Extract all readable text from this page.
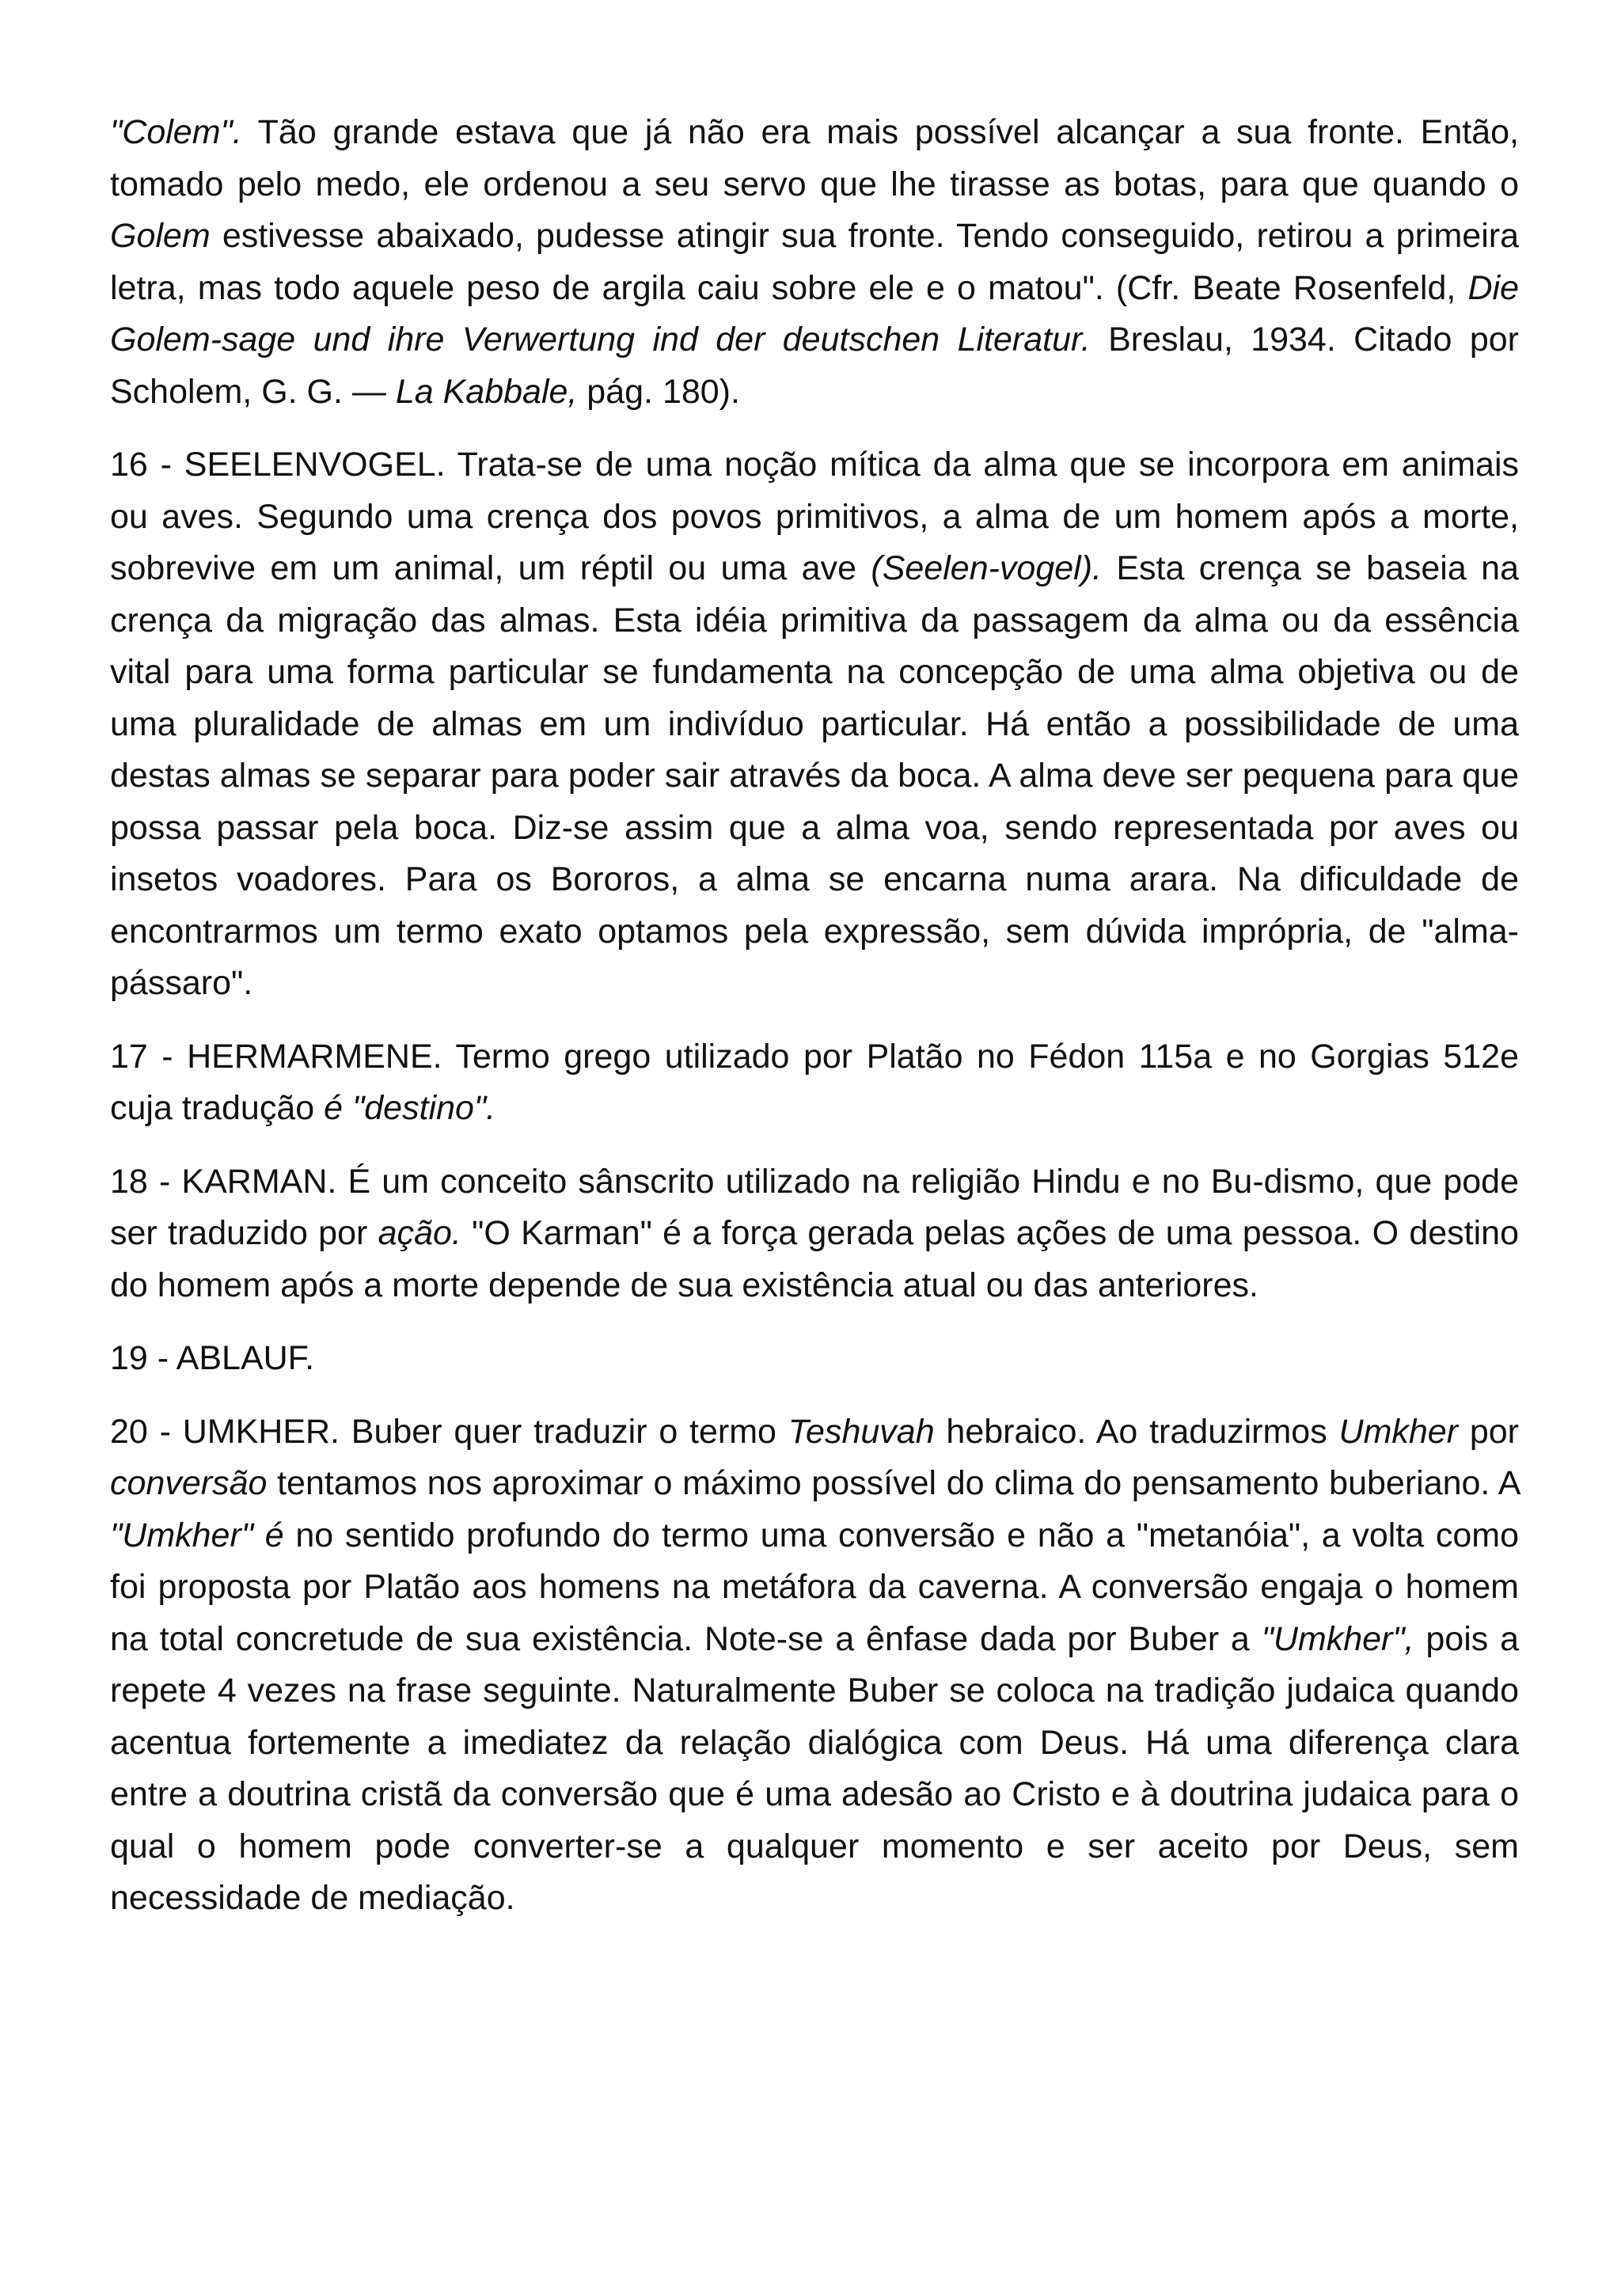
"Colem". Tão grande estava que já não era mais possível alcançar a sua fronte. Então, tomado pelo medo, ele ordenou a seu servo que lhe tirasse as botas, para que quando o Golem estivesse abaixado, pudesse atingir sua fronte. Tendo conseguido, retirou a primeira letra, mas todo aquele peso de argila caiu sobre ele e o matou". (Cfr. Beate Rosenfeld, Die Golem-sage und ihre Verwertung ind der deutschen Literatur. Breslau, 1934. Citado por Scholem, G. G. — La Kabbale, pág. 180).

16 - SEELENVOGEL. Trata-se de uma noção mítica da alma que se incorpora em animais ou aves. Segundo uma crença dos povos primitivos, a alma de um homem após a morte, sobrevive em um animal, um réptil ou uma ave (Seelen-vogel). Esta crença se baseia na crença da migração das almas. Esta idéia primitiva da passagem da alma ou da essência vital para uma forma particular se fundamenta na concepção de uma alma objetiva ou de uma pluralidade de almas em um indivíduo particular. Há então a possibilidade de uma destas almas se separar para poder sair através da boca. A alma deve ser pequena para que possa passar pela boca. Diz-se assim que a alma voa, sendo representada por aves ou insetos voadores. Para os Bororos, a alma se encarna numa arara. Na dificuldade de encontrarmos um termo exato optamos pela expressão, sem dúvida imprópria, de "alma-pássaro".

17 - HERMARMENE. Termo grego utilizado por Platão no Fédon 115a e no Gorgias 512e cuja tradução é "destino".

18 - KARMAN. É um conceito sânscrito utilizado na religião Hindu e no Bu-dismo, que pode ser traduzido por ação. "O Karman" é a força gerada pelas ações de uma pessoa. O destino do homem após a morte depende de sua existência atual ou das anteriores.

19 - ABLAUF.

20 - UMKHER. Buber quer traduzir o termo Teshuvah hebraico. Ao traduzirmos Umkher por conversão tentamos nos aproximar o máximo possível do clima do pensamento buberiano. A "Umkher" é no sentido profundo do termo uma conversão e não a "metanóia", a volta como foi proposta por Platão aos homens na metáfora da caverna. A conversão engaja o homem na total concretude de sua existência. Note-se a ênfase dada por Buber a "Umkher", pois a repete 4 vezes na frase seguinte. Naturalmente Buber se coloca na tradição judaica quando acentua fortemente a imediatez da relação dialógica com Deus. Há uma diferença clara entre a doutrina cristã da conversão que é uma adesão ao Cristo e à doutrina judaica para o qual o homem pode converter-se a qualquer momento e ser aceito por Deus, sem necessidade de mediação.
